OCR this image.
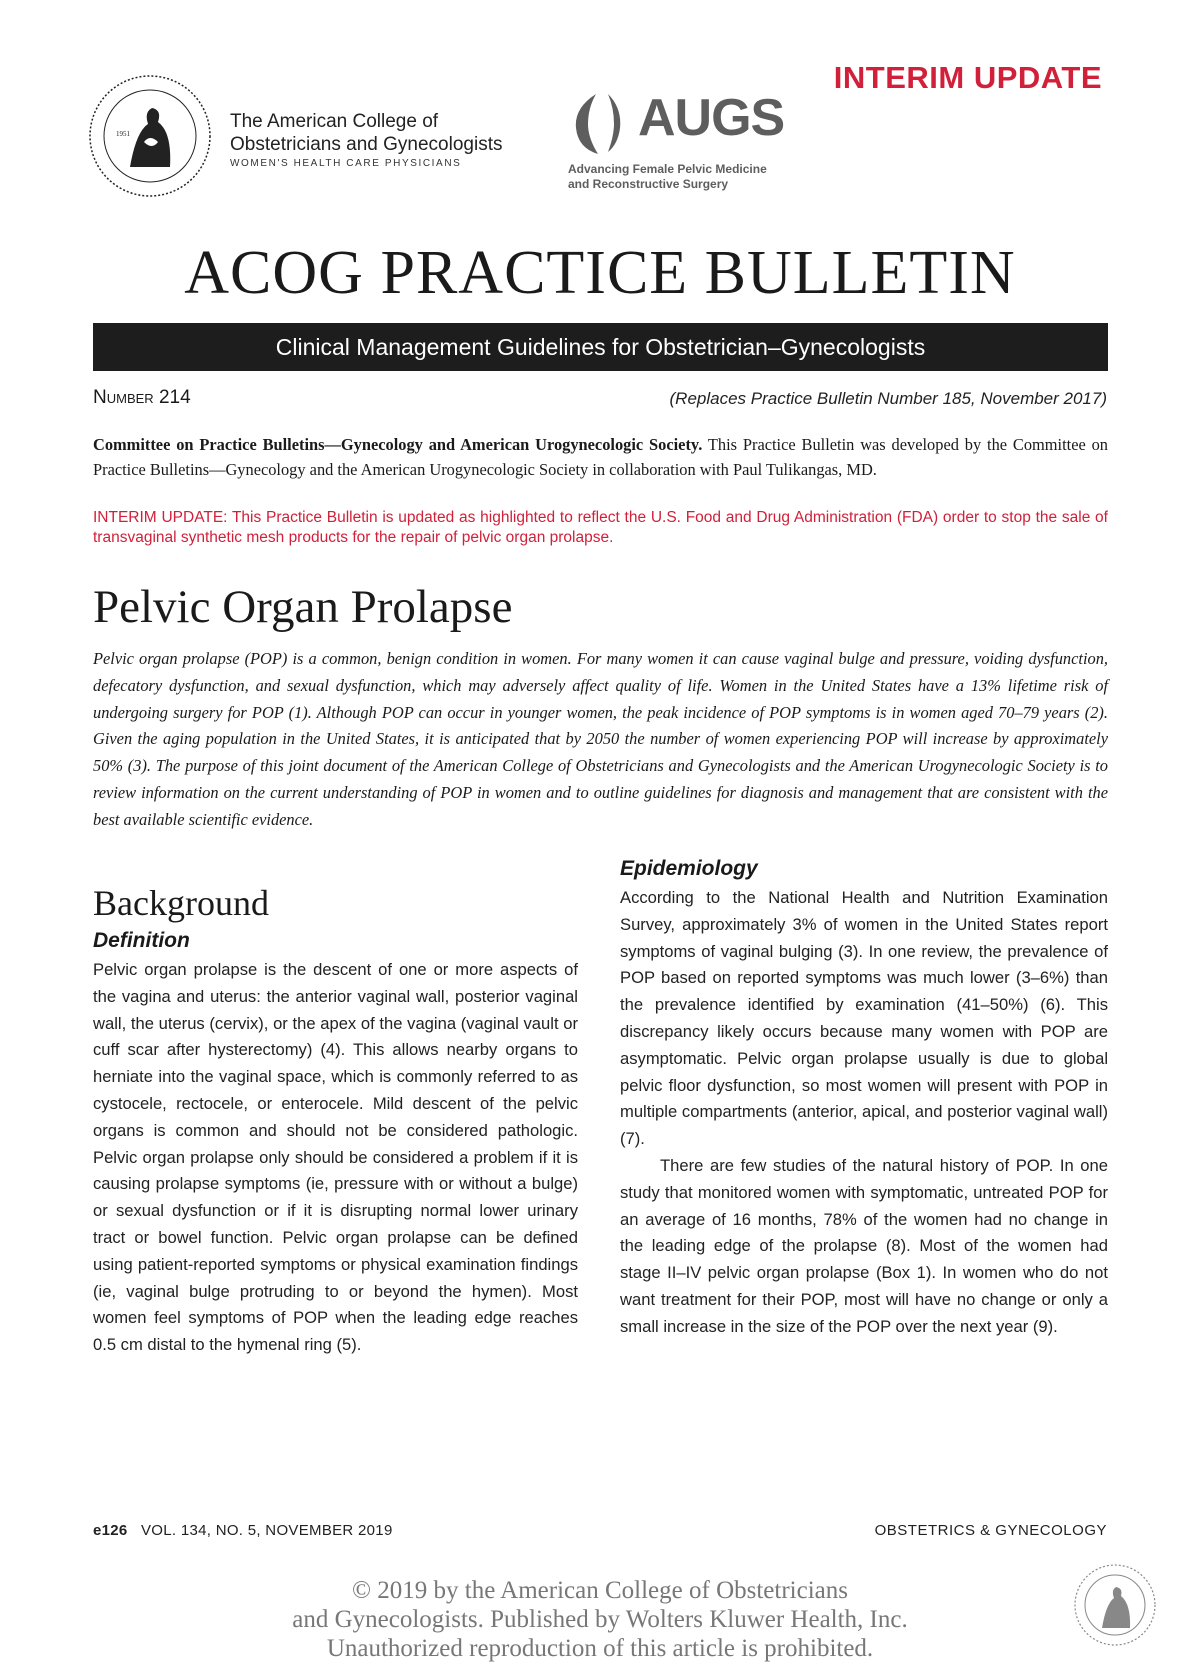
1951
The American College of
Obstetricians and Gynecologists
WOMEN'S HEALTH CARE PHYSICIANS
AUGS
Advancing Female Pelvic Medicine
and Reconstructive Surgery
INTERIM UPDATE
ACOG PRACTICE BULLETIN
Clinical Management Guidelines for Obstetrician–Gynecologists
Number 214	(Replaces Practice Bulletin Number 185, November 2017)
Committee on Practice Bulletins—Gynecology and American Urogynecologic Society. This Practice Bulletin was developed by the Committee on Practice Bulletins—Gynecology and the American Urogynecologic Society in collaboration with Paul Tulikangas, MD.
INTERIM UPDATE: This Practice Bulletin is updated as highlighted to reflect the U.S. Food and Drug Administration (FDA) order to stop the sale of transvaginal synthetic mesh products for the repair of pelvic organ prolapse.
Pelvic Organ Prolapse
Pelvic organ prolapse (POP) is a common, benign condition in women. For many women it can cause vaginal bulge and pressure, voiding dysfunction, defecatory dysfunction, and sexual dysfunction, which may adversely affect quality of life. Women in the United States have a 13% lifetime risk of undergoing surgery for POP (1). Although POP can occur in younger women, the peak incidence of POP symptoms is in women aged 70–79 years (2). Given the aging population in the United States, it is anticipated that by 2050 the number of women experiencing POP will increase by approximately 50% (3). The purpose of this joint document of the American College of Obstetricians and Gynecologists and the American Urogynecologic Society is to review information on the current understanding of POP in women and to outline guidelines for diagnosis and management that are consistent with the best available scientific evidence.
Background
Definition

Pelvic organ prolapse is the descent of one or more aspects of the vagina and uterus: the anterior vaginal wall, posterior vaginal wall, the uterus (cervix), or the apex of the vagina (vaginal vault or cuff scar after hysterectomy) (4). This allows nearby organs to herniate into the vaginal space, which is commonly referred to as cystocele, rectocele, or enterocele. Mild descent of the pelvic organs is common and should not be considered pathologic. Pelvic organ prolapse only should be considered a problem if it is causing prolapse symptoms (ie, pressure with or without a bulge) or sexual dysfunction or if it is disrupting normal lower urinary tract or bowel function. Pelvic organ prolapse can be defined using patient-reported symptoms or physical examination findings (ie, vaginal bulge protruding to or beyond the hymen). Most women feel symptoms of POP when the leading edge reaches 0.5 cm distal to the hymenal ring (5).

Epidemiology

According to the National Health and Nutrition Examination Survey, approximately 3% of women in the United States report symptoms of vaginal bulging (3). In one review, the prevalence of POP based on reported symptoms was much lower (3–6%) than the prevalence identified by examination (41–50%) (6). This discrepancy likely occurs because many women with POP are asymptomatic. Pelvic organ prolapse usually is due to global pelvic floor dysfunction, so most women will present with POP in multiple compartments (anterior, apical, and posterior vaginal wall) (7).

There are few studies of the natural history of POP. In one study that monitored women with symptomatic, untreated POP for an average of 16 months, 78% of the women had no change in the leading edge of the prolapse (8). Most of the women had stage II–IV pelvic organ prolapse (Box 1). In women who do not want treatment for their POP, most will have no change or only a small increase in the size of the POP over the next year (9).

e126 VOL. 134, NO. 5, NOVEMBER 2019	OBSTETRICS & GYNECOLOGY
© 2019 by the American College of Obstetricians
and Gynecologists. Published by Wolters Kluwer Health, Inc.
Unauthorized reproduction of this article is prohibited.
